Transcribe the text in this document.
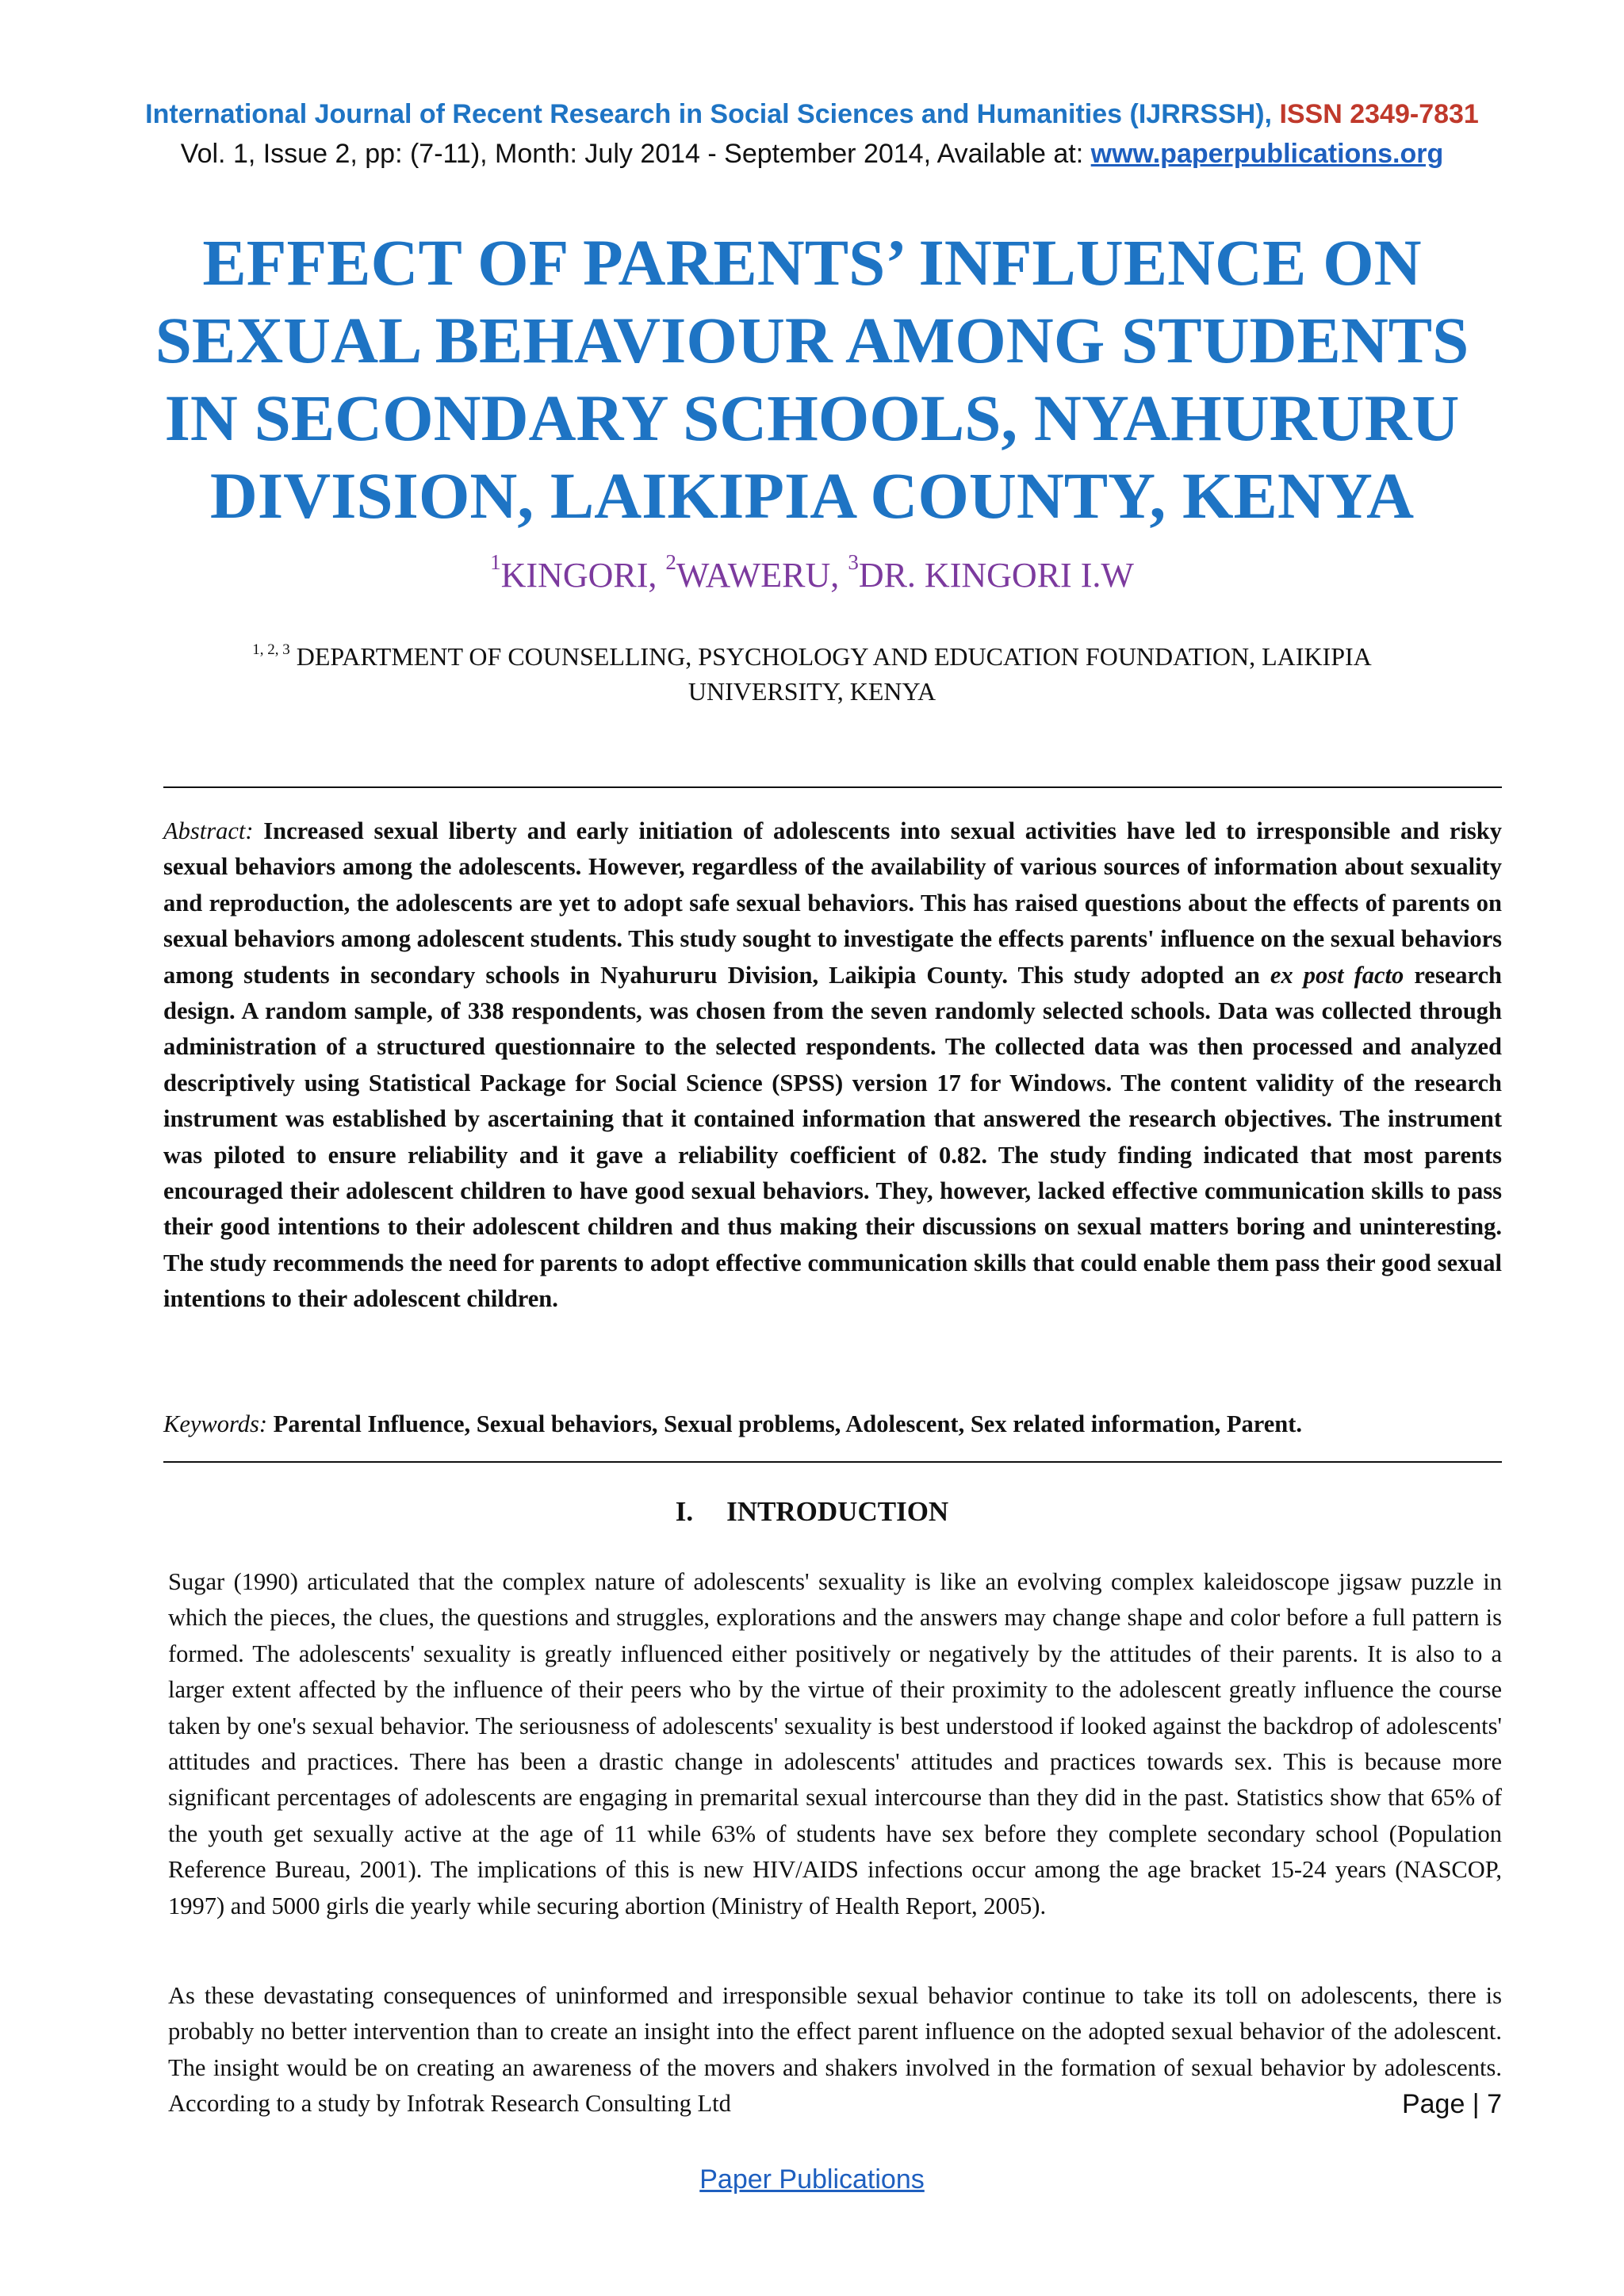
International Journal of Recent Research in Social Sciences and Humanities (IJRRSSH), ISSN 2349-7831
Vol. 1, Issue 2, pp: (7-11), Month: July 2014 - September 2014, Available at: www.paperpublications.org
EFFECT OF PARENTS’ INFLUENCE ON
SEXUAL BEHAVIOUR AMONG STUDENTS
IN SECONDARY SCHOOLS, NYAHURURU
DIVISION, LAIKIPIA COUNTY, KENYA
$^1$KINGORI, $^2$WAWERU, $^3$DR. KINGORI I.W
$^{1, 2, 3}$ DEPARTMENT OF COUNSELLING, PSYCHOLOGY AND EDUCATION FOUNDATION, LAIKIPIA UNIVERSITY, KENYA

Abstract: Increased sexual liberty and early initiation of adolescents into sexual activities have led to irresponsible and risky sexual behaviors among the adolescents. However, regardless of the availability of various sources of information about sexuality and reproduction, the adolescents are yet to adopt safe sexual behaviors. This has raised questions about the effects of parents on sexual behaviors among adolescent students. This study sought to investigate the effects parents' influence on the sexual behaviors among students in secondary schools in Nyahururu Division, Laikipia County. This study adopted an ex post facto research design. A random sample, of 338 respondents, was chosen from the seven randomly selected schools. Data was collected through administration of a structured questionnaire to the selected respondents. The collected data was then processed and analyzed descriptively using Statistical Package for Social Science (SPSS) version 17 for Windows. The content validity of the research instrument was established by ascertaining that it contained information that answered the research objectives. The instrument was piloted to ensure reliability and it gave a reliability coefficient of 0.82. The study finding indicated that most parents encouraged their adolescent children to have good sexual behaviors. They, however, lacked effective communication skills to pass their good intentions to their adolescent children and thus making their discussions on sexual matters boring and uninteresting. The study recommends the need for parents to adopt effective communication skills that could enable them pass their good sexual intentions to their adolescent children.

Keywords: Parental Influence, Sexual behaviors, Sexual problems, Adolescent, Sex related information, Parent.
I. INTRODUCTION

Sugar (1990) articulated that the complex nature of adolescents' sexuality is like an evolving complex kaleidoscope jigsaw puzzle in which the pieces, the clues, the questions and struggles, explorations and the answers may change shape and color before a full pattern is formed. The adolescents' sexuality is greatly influenced either positively or negatively by the attitudes of their parents. It is also to a larger extent affected by the influence of their peers who by the virtue of their proximity to the adolescent greatly influence the course taken by one's sexual behavior. The seriousness of adolescents' sexuality is best understood if looked against the backdrop of adolescents' attitudes and practices. There has been a drastic change in adolescents' attitudes and practices towards sex. This is because more significant percentages of adolescents are engaging in premarital sexual intercourse than they did in the past. Statistics show that 65% of the youth get sexually active at the age of 11 while 63% of students have sex before they complete secondary school (Population Reference Bureau, 2001). The implications of this is new HIV/AIDS infections occur among the age bracket 15-24 years (NASCOP, 1997) and 5000 girls die yearly while securing abortion (Ministry of Health Report, 2005).

As these devastating consequences of uninformed and irresponsible sexual behavior continue to take its toll on adolescents, there is probably no better intervention than to create an insight into the effect parent influence on the adopted sexual behavior of the adolescent. The insight would be on creating an awareness of the movers and shakers involved in the formation of sexual behavior by adolescents. According to a study by Infotrak Research Consulting Ltd	Page | 7
Paper Publications
